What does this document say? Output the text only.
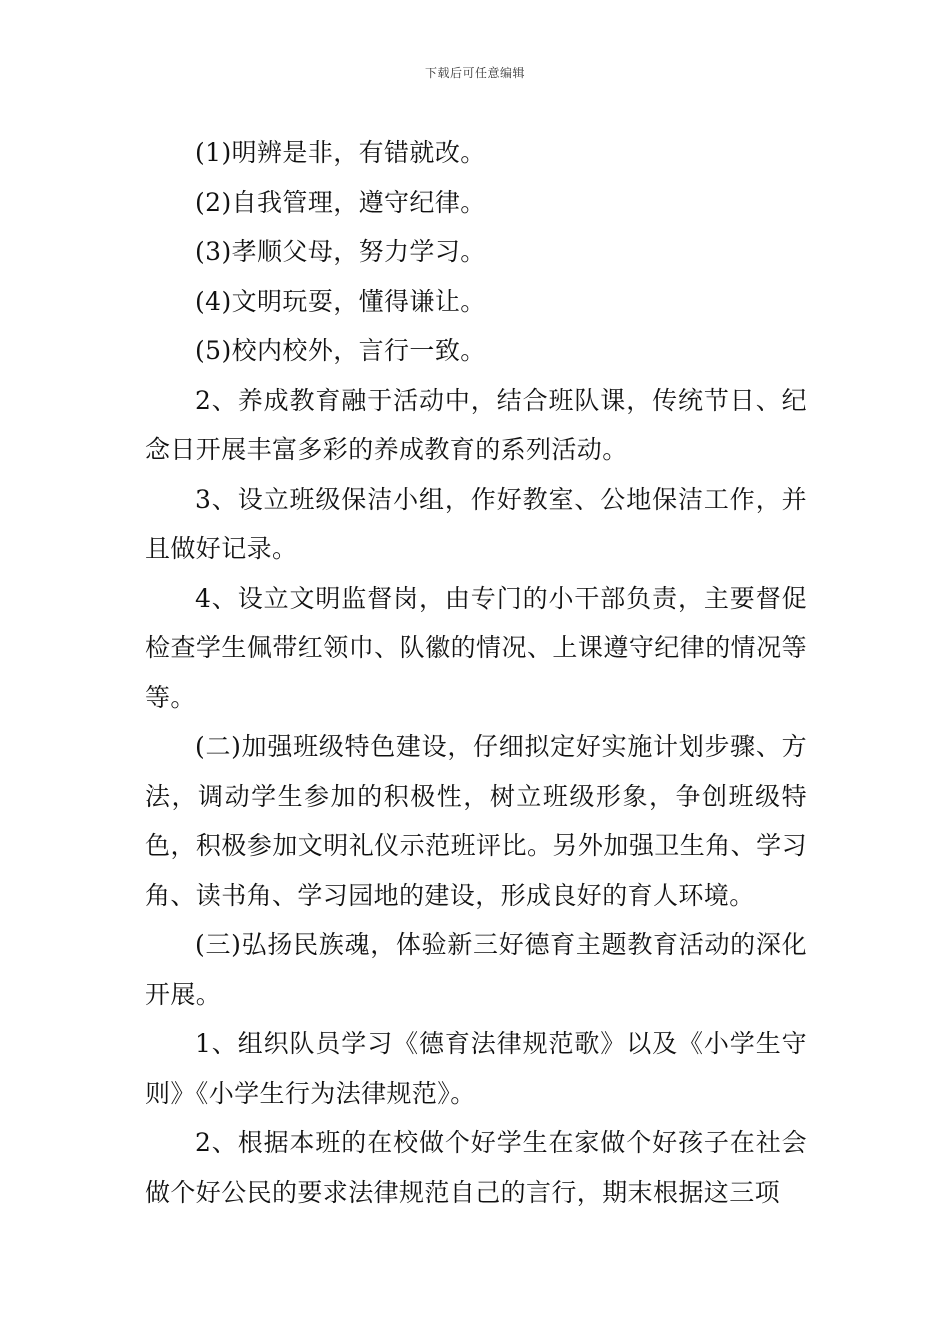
下载后可任意编辑

(1)明辨是非，有错就改。

(2)自我管理，遵守纪律。

(3)孝顺父母，努力学习。

(4)文明玩耍，懂得谦让。

(5)校内校外，言行一致。

2、养成教育融于活动中，结合班队课，传统节日、纪念日开展丰富多彩的养成教育的系列活动。

3、设立班级保洁小组，作好教室、公地保洁工作，并且做好记录。

4、设立文明监督岗，由专门的小干部负责，主要督促检查学生佩带红领巾、队徽的情况、上课遵守纪律的情况等等。

(二)加强班级特色建设，仔细拟定好实施计划步骤、方法，调动学生参加的积极性，树立班级形象，争创班级特色，积极参加文明礼仪示范班评比。另外加强卫生角、学习角、读书角、学习园地的建设，形成良好的育人环境。

(三)弘扬民族魂，体验新三好德育主题教育活动的深化开展。

1、组织队员学习《德育法律规范歌》以及《小学生守则》《小学生行为法律规范》。

2、根据本班的在校做个好学生在家做个好孩子在社会做个好公民的要求法律规范自己的言行，期末根据这三项
